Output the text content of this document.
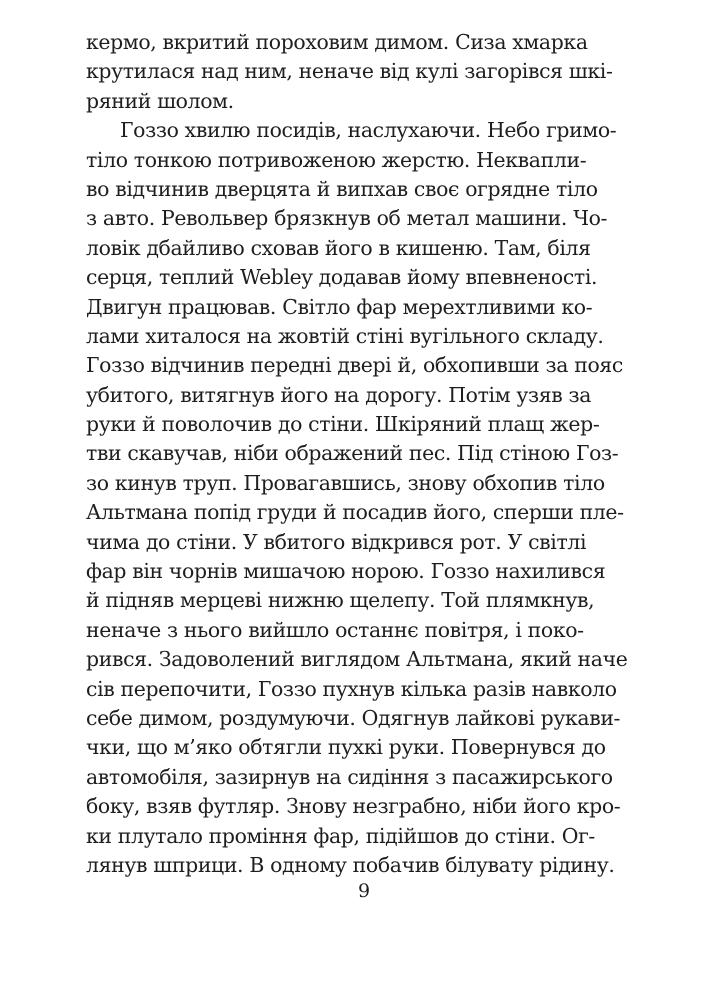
кермо, вкритий пороховим димом. Сиза хмарка
крутилася над ним, неначе від кулі загорівся шкі-
ряний шолом.
Гоззо хвилю посидів, наслухаючи. Небо гримо-
тіло тонкою потривоженою жерстю. Неквапли-
во відчинив дверцята й випхав своє огрядне тіло
з авто. Револьвер брязкнув об метал машини. Чо-
ловік дбайливо сховав його в кишеню. Там, біля
серця, теплий Webley додавав йому впевненості.
Двигун працював. Світло фар мерехтливими ко-
лами хиталося на жовтій стіні вугільного складу.
Гоззо відчинив передні двері й, обхопивши за пояс
убитого, витягнув його на дорогу. Потім узяв за
руки й поволочив до стіни. Шкіряний плащ жер-
тви скавучав, ніби ображений пес. Під стіною Гоз-
зо кинув труп. Провагавшись, знову обхопив тіло
Альтмана попід груди й посадив його, сперши пле-
чима до стіни. У вбитого відкрився рот. У світлі
фар він чорнів мишачою норою. Гоззо нахилився
й підняв мерцеві нижню щелепу. Той плямкнув,
неначе з нього вийшло останнє повітря, і поко-
рився. Задоволений виглядом Альтмана, який наче
сів перепочити, Гоззо пухнув кілька разів навколо
себе димом, роздумуючи. Одягнув лайкові рукави-
чки, що м’яко обтягли пухкі руки. Повернувся до
автомобіля, зазирнув на сидіння з пасажирського
боку, взяв футляр. Знову незграбно, ніби його кро-
ки плутало проміння фар, підійшов до стіни. Ог-
лянув шприци. В одному побачив білувату рідину.
9
